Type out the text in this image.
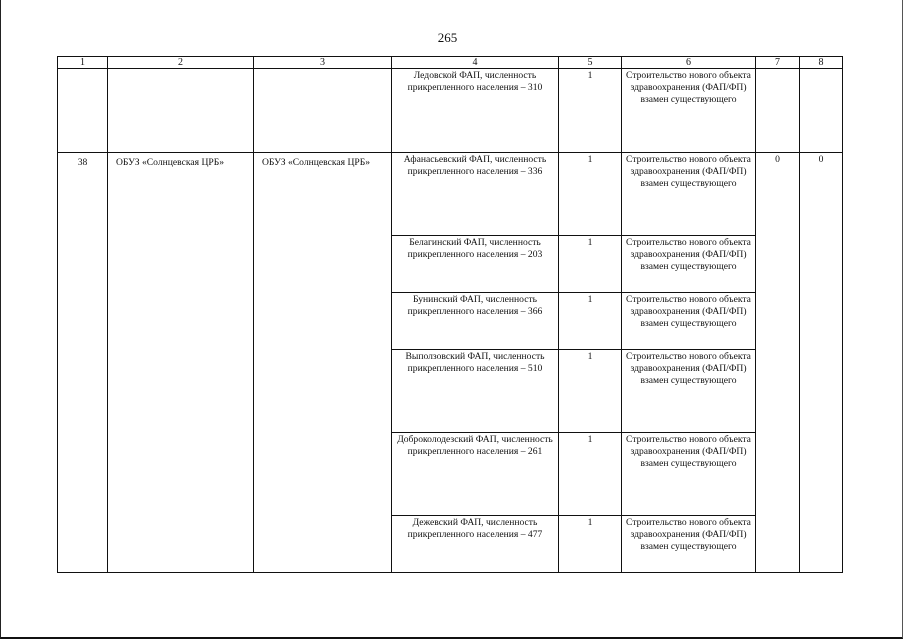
265
1	2	3	4	5	6	7	8
			Ледовской ФАП, численность прикрепленного населения – 310	1	Строительство нового объекта здравоохранения (ФАП/ФП) взамен существующего		
38	ОБУЗ «Солнцевская ЦРБ»	ОБУЗ «Солнцевская ЦРБ»	Афанасьевский ФАП, численность прикрепленного населения – 336	1	Строительство нового объекта здравоохранения (ФАП/ФП) взамен существующего	0	0
			Белагинский ФАП, численность прикрепленного населения – 203	1	Строительство нового объекта здравоохранения (ФАП/ФП) взамен существующего		
			Бунинский ФАП, численность прикрепленного населения – 366	1	Строительство нового объекта здравоохранения (ФАП/ФП) взамен существующего		
			Выползовский ФАП, численность прикрепленного населения – 510	1	Строительство нового объекта здравоохранения (ФАП/ФП) взамен существующего		
			Доброколодезский ФАП, численность прикрепленного населения – 261	1	Строительство нового объекта здравоохранения (ФАП/ФП) взамен существующего		
			Дежевский ФАП, численность прикрепленного населения – 477	1	Строительство нового объекта здравоохранения (ФАП/ФП) взамен существующего		
